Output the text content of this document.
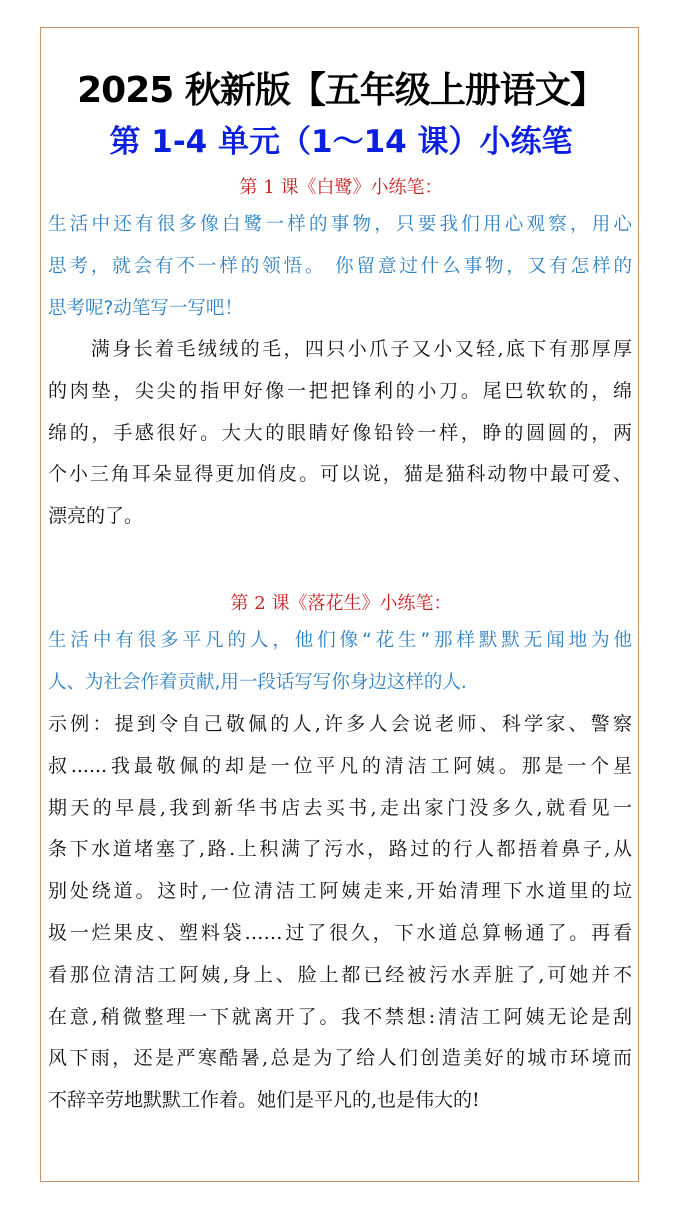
2025 秋新版【五年级上册语文】
第 1-4 单元（1～14 课）小练笔
第 1 课《白鹭》小练笔：
生活中还有很多像白鹭一样的事物，只要我们用心观察，用心
思考，就会有不一样的领悟。 你留意过什么事物，又有怎样的
思考呢?动笔写一写吧！
　　满身长着毛绒绒的毛，四只小爪子又小又轻,底下有那厚厚
的肉垫，尖尖的指甲好像一把把锋利的小刀。尾巴软软的，绵
绵的，手感很好。大大的眼睛好像铅铃一样，睁的圆圆的，两
个小三角耳朵显得更加俏皮。可以说，猫是猫科动物中最可爱、
漂亮的了。
第 2 课《落花生》小练笔：
生活中有很多平凡的人，他们像“花生”那样默默无闻地为他
人、为社会作着贡献,用一段话写写你身边这样的人.
示例：提到令自己敬佩的人,许多人会说老师、科学家、警察
叔......我最敬佩的却是一位平凡的清洁工阿姨。那是一个星
期天的早晨,我到新华书店去买书,走出家门没多久,就看见一
条下水道堵塞了,路.上积满了污水，路过的行人都捂着鼻子,从
别处绕道。这时,一位清洁工阿姨走来,开始清理下水道里的垃
圾一烂果皮、塑料袋……过了很久，下水道总算畅通了。再看
看那位清洁工阿姨,身上、脸上都已经被污水弄脏了,可她并不
在意,稍微整理一下就离开了。我不禁想:清洁工阿姨无论是刮
风下雨，还是严寒酷暑,总是为了给人们创造美好的城市环境而
不辞辛劳地默默工作着。她们是平凡的,也是伟大的!
